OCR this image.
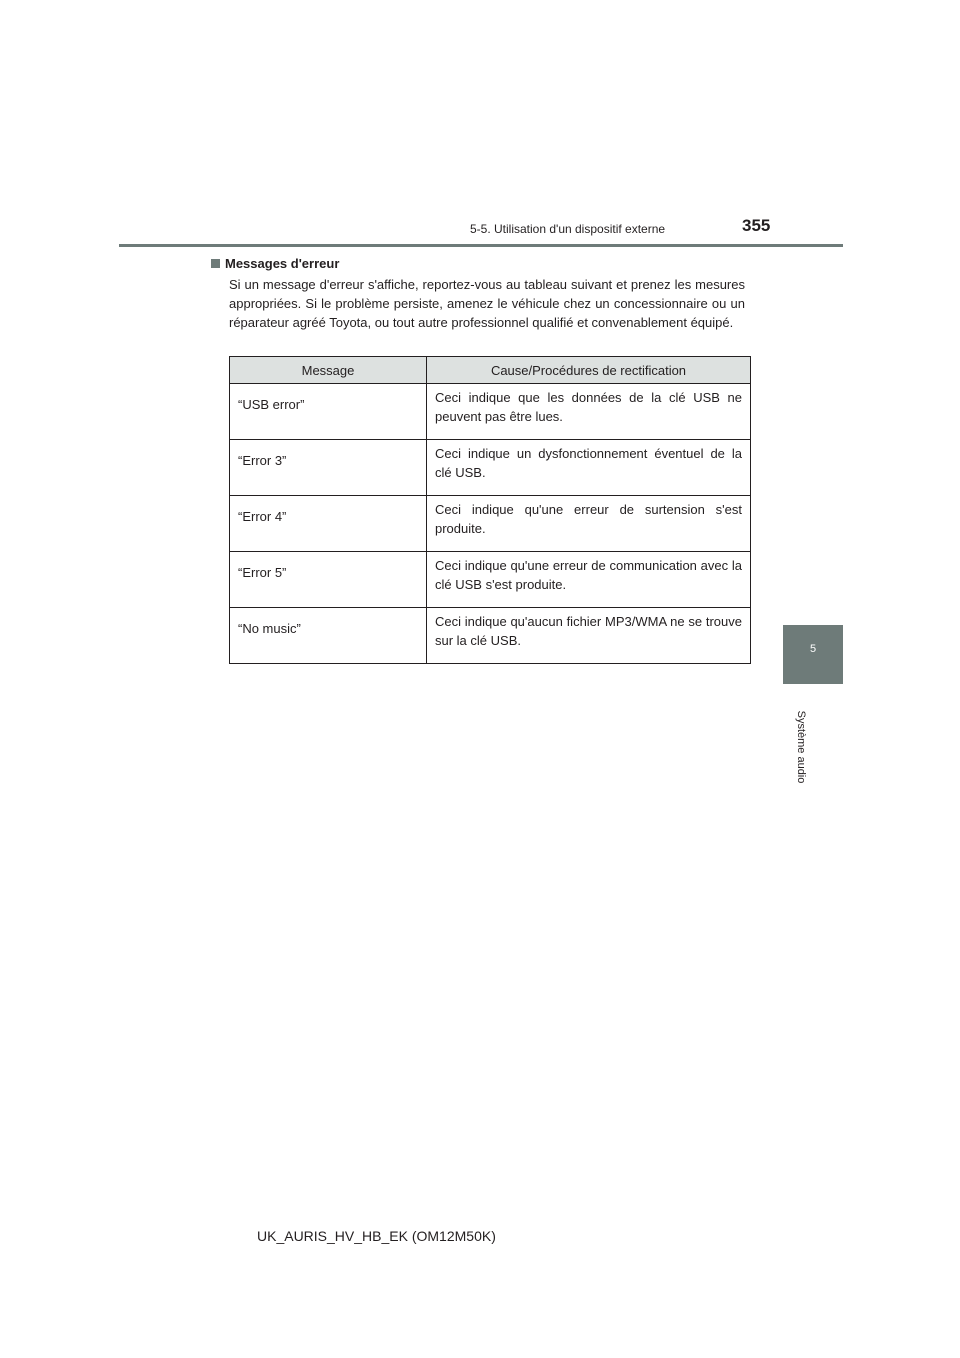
5-5. Utilisation d'un dispositif externe	355
5
Système audio
Messages d'erreur
Si un message d'erreur s'affiche, reportez-vous au tableau suivant et prenez les mesures appropriées. Si le problème persiste, amenez le véhicule chez un concessionnaire ou un réparateur agréé Toyota, ou tout autre professionnel qualifié et convenablement équipé.
Message	Cause/Procédures de rectification
“USB error”	Ceci indique que les données de la clé USB ne peuvent pas être lues.
“Error 3”	Ceci indique un dysfonctionnement éventuel de la clé USB.
“Error 4”	Ceci indique qu'une erreur de surtension s'est produite.
“Error 5”	Ceci indique qu'une erreur de communication avec la clé USB s'est produite.
“No music”	Ceci indique qu'aucun fichier MP3/WMA ne se trouve sur la clé USB.
UK_AURIS_HV_HB_EK (OM12M50K)
